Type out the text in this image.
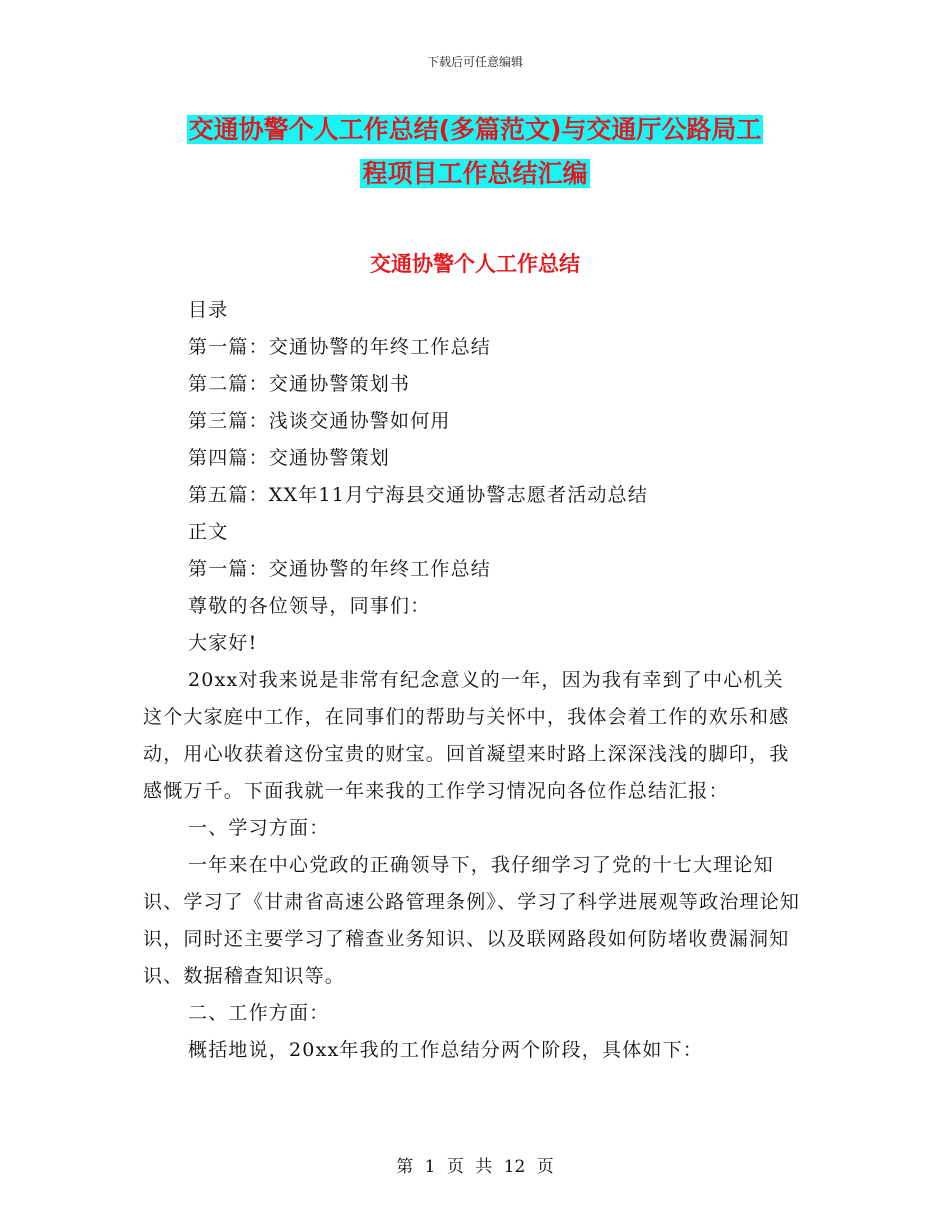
下载后可任意编辑
交通协警个人工作总结(多篇范文)与交通厅公路局工
程项目工作总结汇编
交通协警个人工作总结

目录

第一篇：交通协警的年终工作总结

第二篇：交通协警策划书

第三篇：浅谈交通协警如何用

第四篇：交通协警策划

第五篇：XX年11月宁海县交通协警志愿者活动总结

正文

第一篇：交通协警的年终工作总结

尊敬的各位领导，同事们：

大家好!

20xx对我来说是非常有纪念意义的一年，因为我有幸到了中心机关这个大家庭中工作，在同事们的帮助与关怀中，我体会着工作的欢乐和感动，用心收获着这份宝贵的财宝。回首凝望来时路上深深浅浅的脚印，我感慨万千。下面我就一年来我的工作学习情况向各位作总结汇报：

一、学习方面：

一年来在中心党政的正确领导下，我仔细学习了党的十七大理论知识、学习了《甘肃省高速公路管理条例》、学习了科学进展观等政治理论知识，同时还主要学习了稽查业务知识、以及联网路段如何防堵收费漏洞知识、数据稽查知识等。

二、工作方面：

概括地说，20xx年我的工作总结分两个阶段，具体如下：

第 1 页 共 12 页
